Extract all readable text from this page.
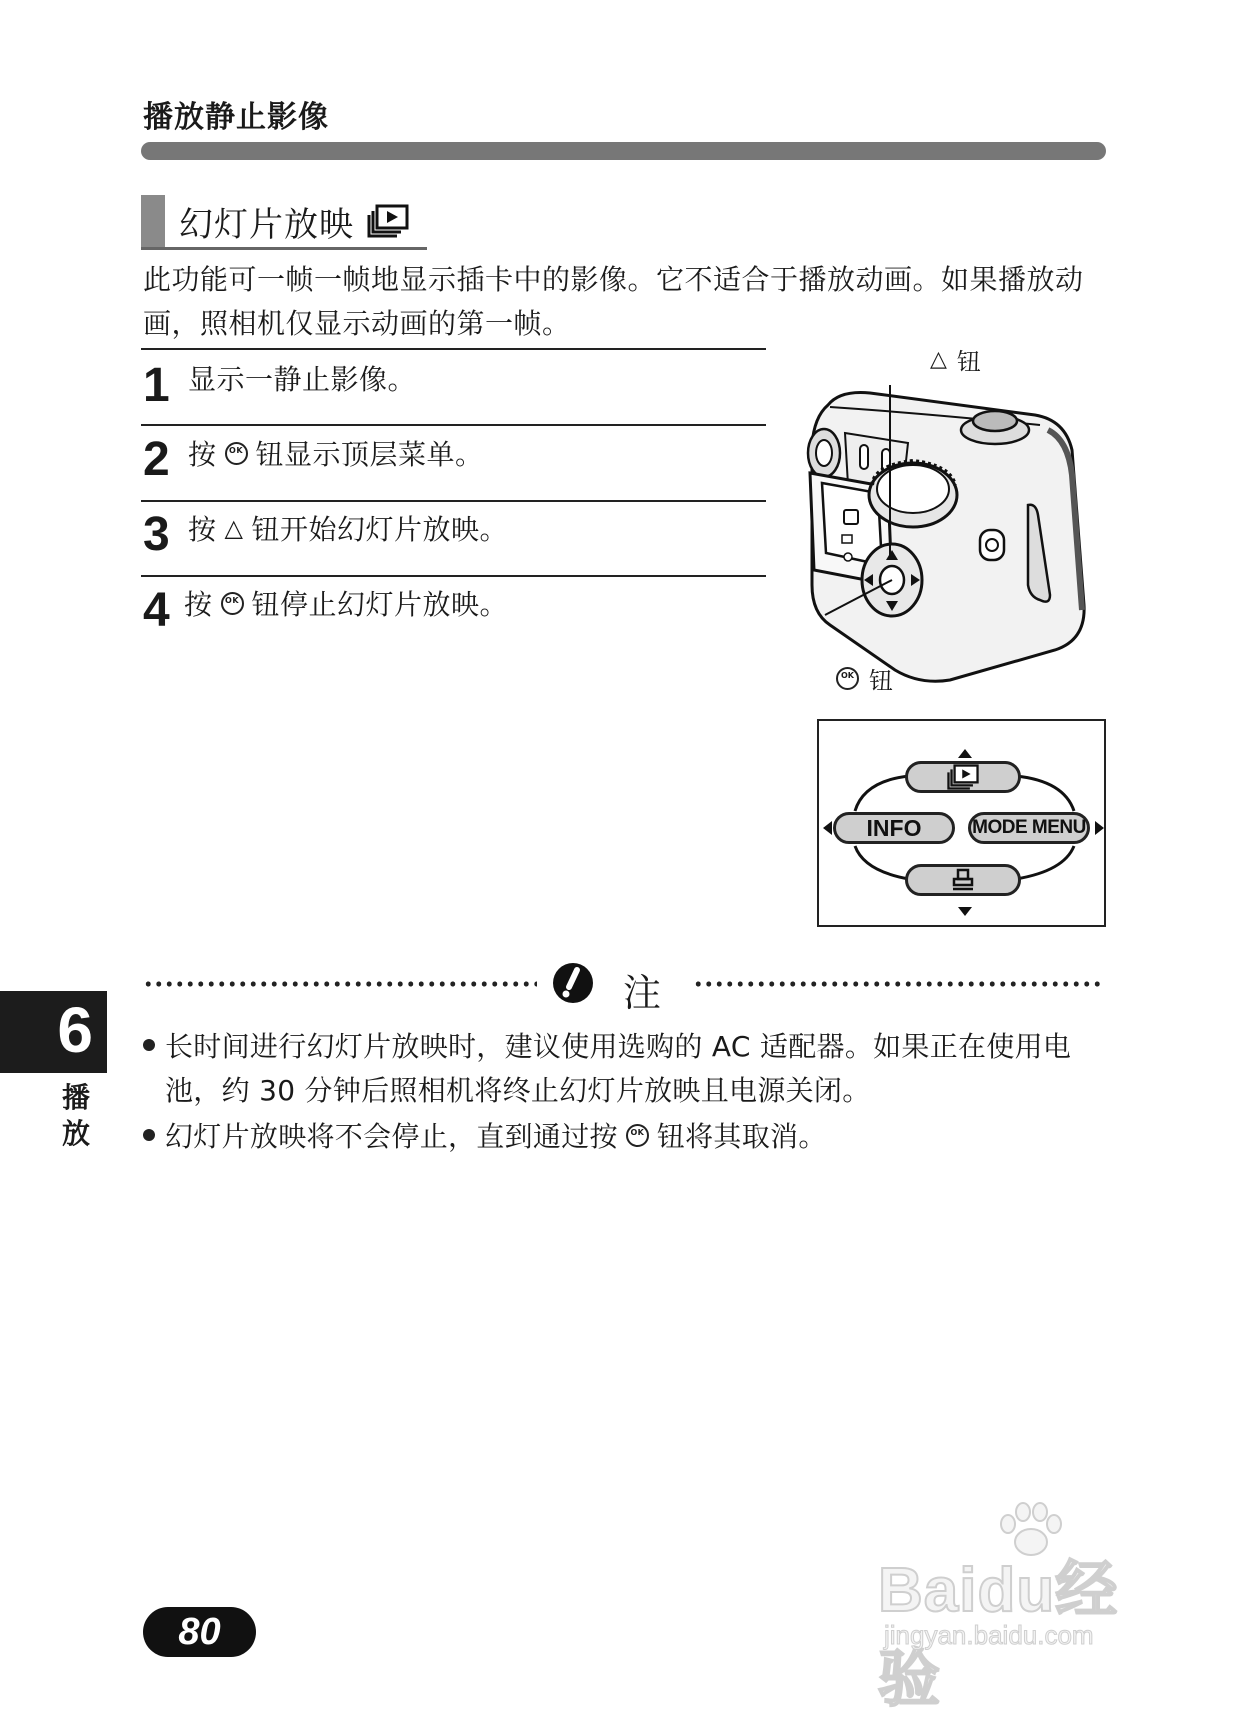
播放静止影像
幻灯片放映
此功能可一帧一帧地显示插卡中的影像。它不适合于播放动画。如果播放动
画，照相机仅显示动画的第一帧。
1 显示一静止影像。
2 按	OK 钮显示顶层菜单。
3 按 △ 钮开始幻灯片放映。
4 按	OK 钮停止幻灯片放映。
△ 钮
OK 钮
INFO	MODE MENU
注
长时间进行幻灯片放映时，建议使用选购的 AC 适配器。如果正在使用电
池，约 30 分钟后照相机将终止幻灯片放映且电源关闭。
幻灯片放映将不会停止，直到通过按	OK 钮将其取消。
6
播
放
80
Baidu经验
jingyan.baidu.com
